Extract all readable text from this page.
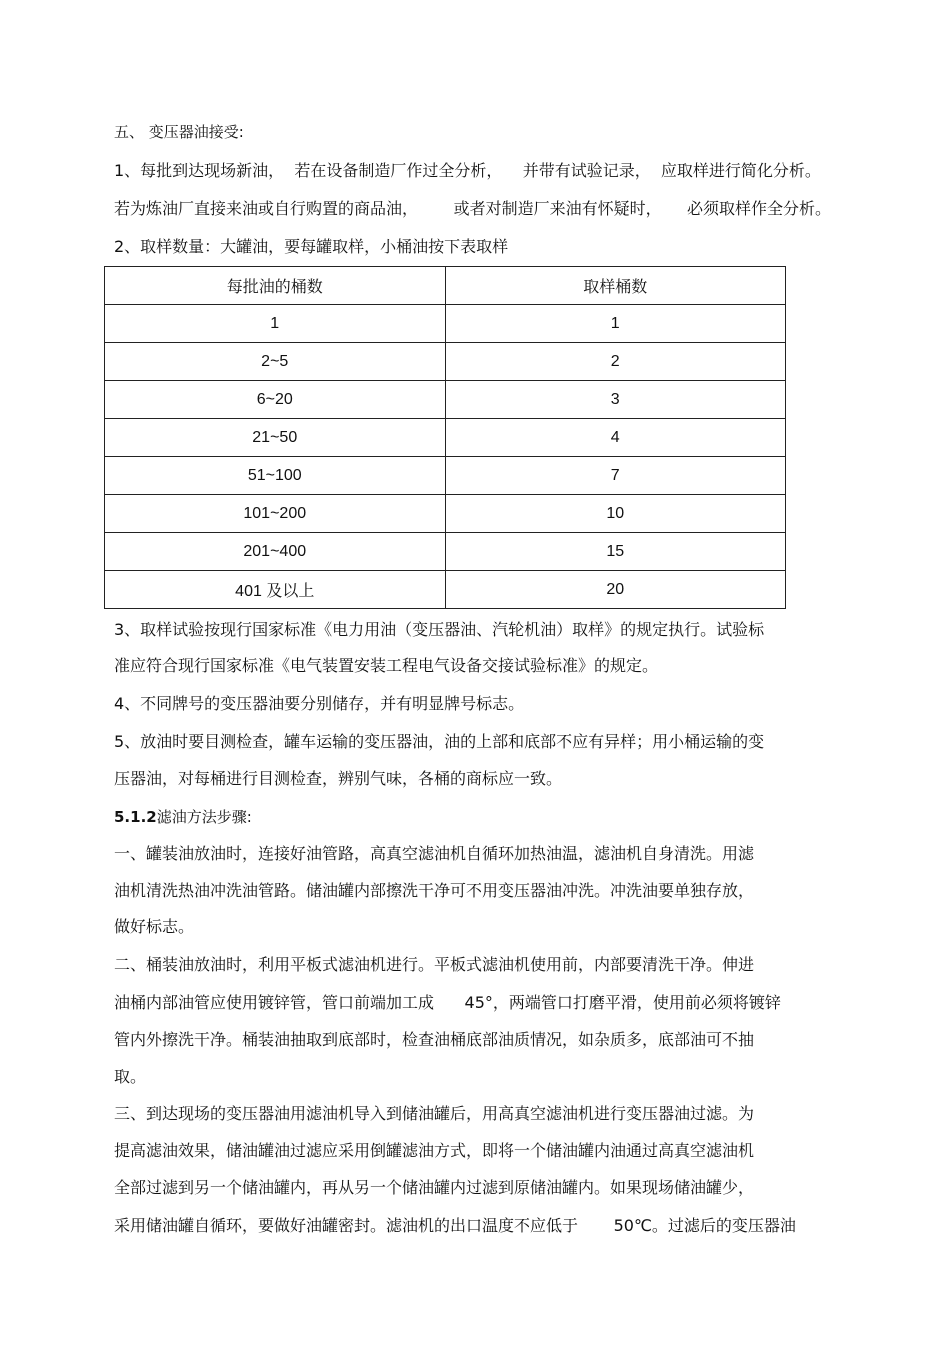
五、 变压器油接受:
1、每批到达现场新油，  若在设备制造厂作过全分析，    并带有试验记录，  应取样进行简化分析。
若为炼油厂直接来油或自行购置的商品油，       或者对制造厂来油有怀疑时，     必须取样作全分析。
2、取样数量：大罐油，要每罐取样，小桶油按下表取样
每批油的桶数	取样桶数
1	1
2~5	2
6~20	3
21~50	4
51~100	7
101~200	10
201~400	15
401 及以上	20
3、取样试验按现行国家标准《电力用油（变压器油、汽轮机油）取样》的规定执行。试验标
准应符合现行国家标准《电气装置安装工程电气设备交接试验标准》的规定。
4、不同牌号的变压器油要分别储存，并有明显牌号标志。
5、放油时要目测检查，罐车运输的变压器油，油的上部和底部不应有异样；用小桶运输的变
压器油，对每桶进行目测检查，辨别气味，各桶的商标应一致。
5.1.2滤油方法步骤:
一、罐装油放油时，连接好油管路，高真空滤油机自循环加热油温，滤油机自身清洗。用滤
油机清洗热油冲洗油管路。储油罐内部擦洗干净可不用变压器油冲洗。冲洗油要单独存放，
做好标志。
二、桶装油放油时，利用平板式滤油机进行。平板式滤油机使用前，内部要清洗干净。伸进
油桶内部油管应使用镀锌管，管口前端加工成      45°，两端管口打磨平滑，使用前必须将镀锌
管内外擦洗干净。桶装油抽取到底部时，检查油桶底部油质情况，如杂质多，底部油可不抽
取。
三、到达现场的变压器油用滤油机导入到储油罐后，用高真空滤油机进行变压器油过滤。为
提高滤油效果，储油罐油过滤应采用倒罐滤油方式，即将一个储油罐内油通过高真空滤油机
全部过滤到另一个储油罐内，再从另一个储油罐内过滤到原储油罐内。如果现场储油罐少，
采用储油罐自循环，要做好油罐密封。滤油机的出口温度不应低于       50℃。过滤后的变压器油
